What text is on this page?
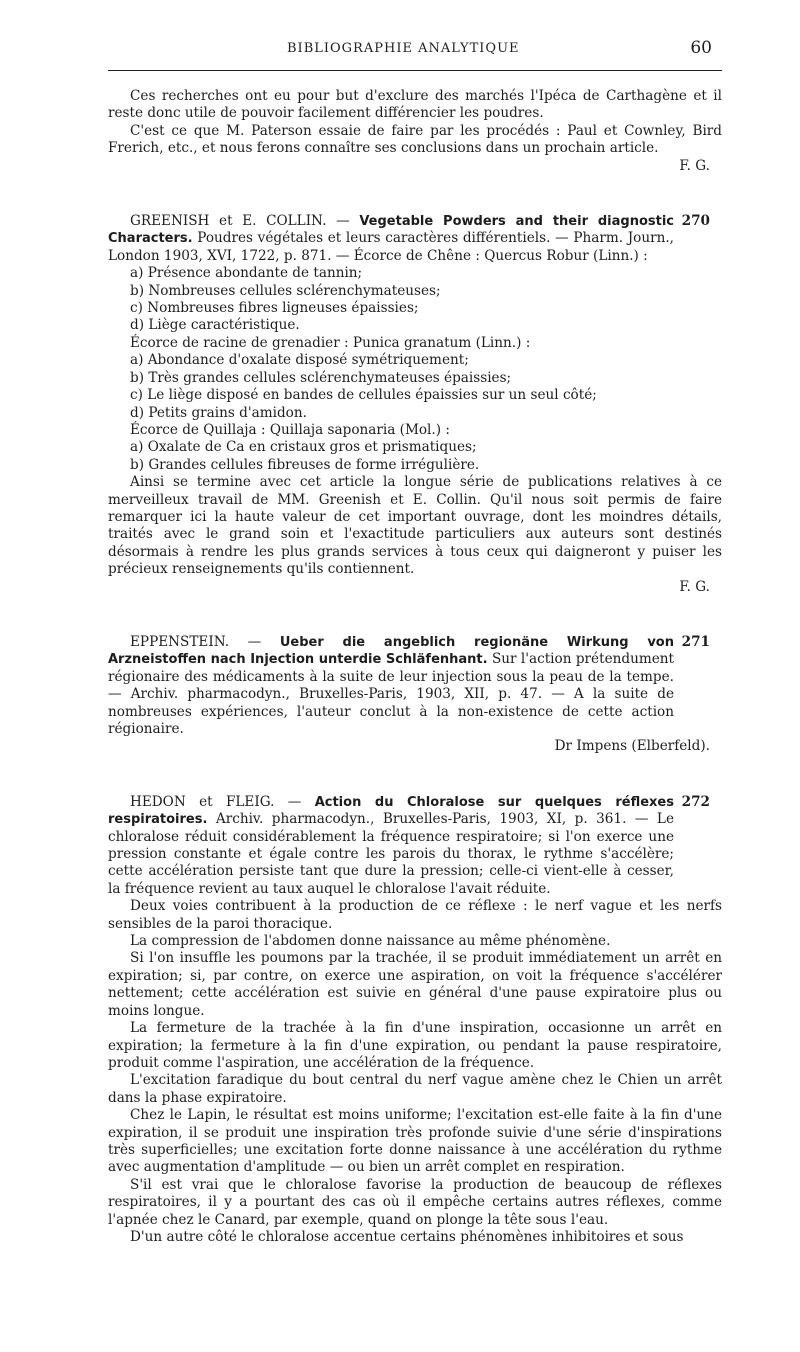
BIBLIOGRAPHIE ANALYTIQUE	60

Ces recherches ont eu pour but d'exclure des marchés l'Ipéca de Carthagène et il reste donc utile de pouvoir facilement différencier les poudres.

C'est ce que M. Paterson essaie de faire par les procédés : Paul et Cownley, Bird Frerich, etc., et nous ferons connaître ses conclusions dans un prochain article.

F. G.

270

GREENISH et E. COLLIN. — Vegetable Powders and their diagnostic Characters. Poudres végétales et leurs caractères différentiels. — Pharm. Journ., London 1903, XVI, 1722, p. 871. — Écorce de Chêne : Quercus Robur (Linn.) :

a) Présence abondante de tannin;

b) Nombreuses cellules sclérenchymateuses;

c) Nombreuses fibres ligneuses épaissies;

d) Liège caractéristique.

Écorce de racine de grenadier : Punica granatum (Linn.) :

a) Abondance d'oxalate disposé symétriquement;

b) Très grandes cellules sclérenchymateuses épaissies;

c) Le liège disposé en bandes de cellules épaissies sur un seul côté;

d) Petits grains d'amidon.

Écorce de Quillaja : Quillaja saponaria (Mol.) :

a) Oxalate de Ca en cristaux gros et prismatiques;

b) Grandes cellules fibreuses de forme irrégulière.

Ainsi se termine avec cet article la longue série de publications relatives à ce merveilleux travail de MM. Greenish et E. Collin. Qu'il nous soit permis de faire remarquer ici la haute valeur de cet important ouvrage, dont les moindres détails, traités avec le grand soin et l'exactitude particuliers aux auteurs sont destinés désormais à rendre les plus grands services à tous ceux qui daigneront y puiser les précieux renseignements qu'ils contiennent.

F. G.

271

EPPENSTEIN. — Ueber die angeblich regionäne Wirkung von Arzneistoffen nach Injection unterdie Schläfenhant. Sur l'action prétendument régionaire des médicaments à la suite de leur injection sous la peau de la tempe. — Archiv. pharmacodyn., Bruxelles-Paris, 1903, XII, p. 47. — A la suite de nombreuses expériences, l'auteur conclut à la non-existence de cette action régionaire.

Dr Impens (Elberfeld).

272

HEDON et FLEIG. — Action du Chloralose sur quelques réflexes respiratoires. Archiv. pharmacodyn., Bruxelles-Paris, 1903, XI, p. 361. — Le chloralose réduit considérablement la fréquence respiratoire; si l'on exerce une pression constante et égale contre les parois du thorax, le rythme s'accélère; cette accélération persiste tant que dure la pression; celle-ci vient-elle à cesser, la fréquence revient au taux auquel le chloralose l'avait réduite.

Deux voies contribuent à la production de ce réflexe : le nerf vague et les nerfs sensibles de la paroi thoracique.

La compression de l'abdomen donne naissance au même phénomène.

Si l'on insuffle les poumons par la trachée, il se produit immédiatement un arrêt en expiration; si, par contre, on exerce une aspiration, on voit la fréquence s'accélérer nettement; cette accélération est suivie en général d'une pause expiratoire plus ou moins longue.

La fermeture de la trachée à la fin d'une inspiration, occasionne un arrêt en expiration; la fermeture à la fin d'une expiration, ou pendant la pause respiratoire, produit comme l'aspiration, une accélération de la fréquence.

L'excitation faradique du bout central du nerf vague amène chez le Chien un arrêt dans la phase expiratoire.

Chez le Lapin, le résultat est moins uniforme; l'excitation est-elle faite à la fin d'une expiration, il se produit une inspiration très profonde suivie d'une série d'inspirations très superficielles; une excitation forte donne naissance à une accélération du rythme avec augmentation d'amplitude — ou bien un arrêt complet en respiration.

S'il est vrai que le chloralose favorise la production de beaucoup de réflexes respiratoires, il y a pourtant des cas où il empêche certains autres réflexes, comme l'apnée chez le Canard, par exemple, quand on plonge la tête sous l'eau.

D'un autre côté le chloralose accentue certains phénomènes inhibitoires et sous
